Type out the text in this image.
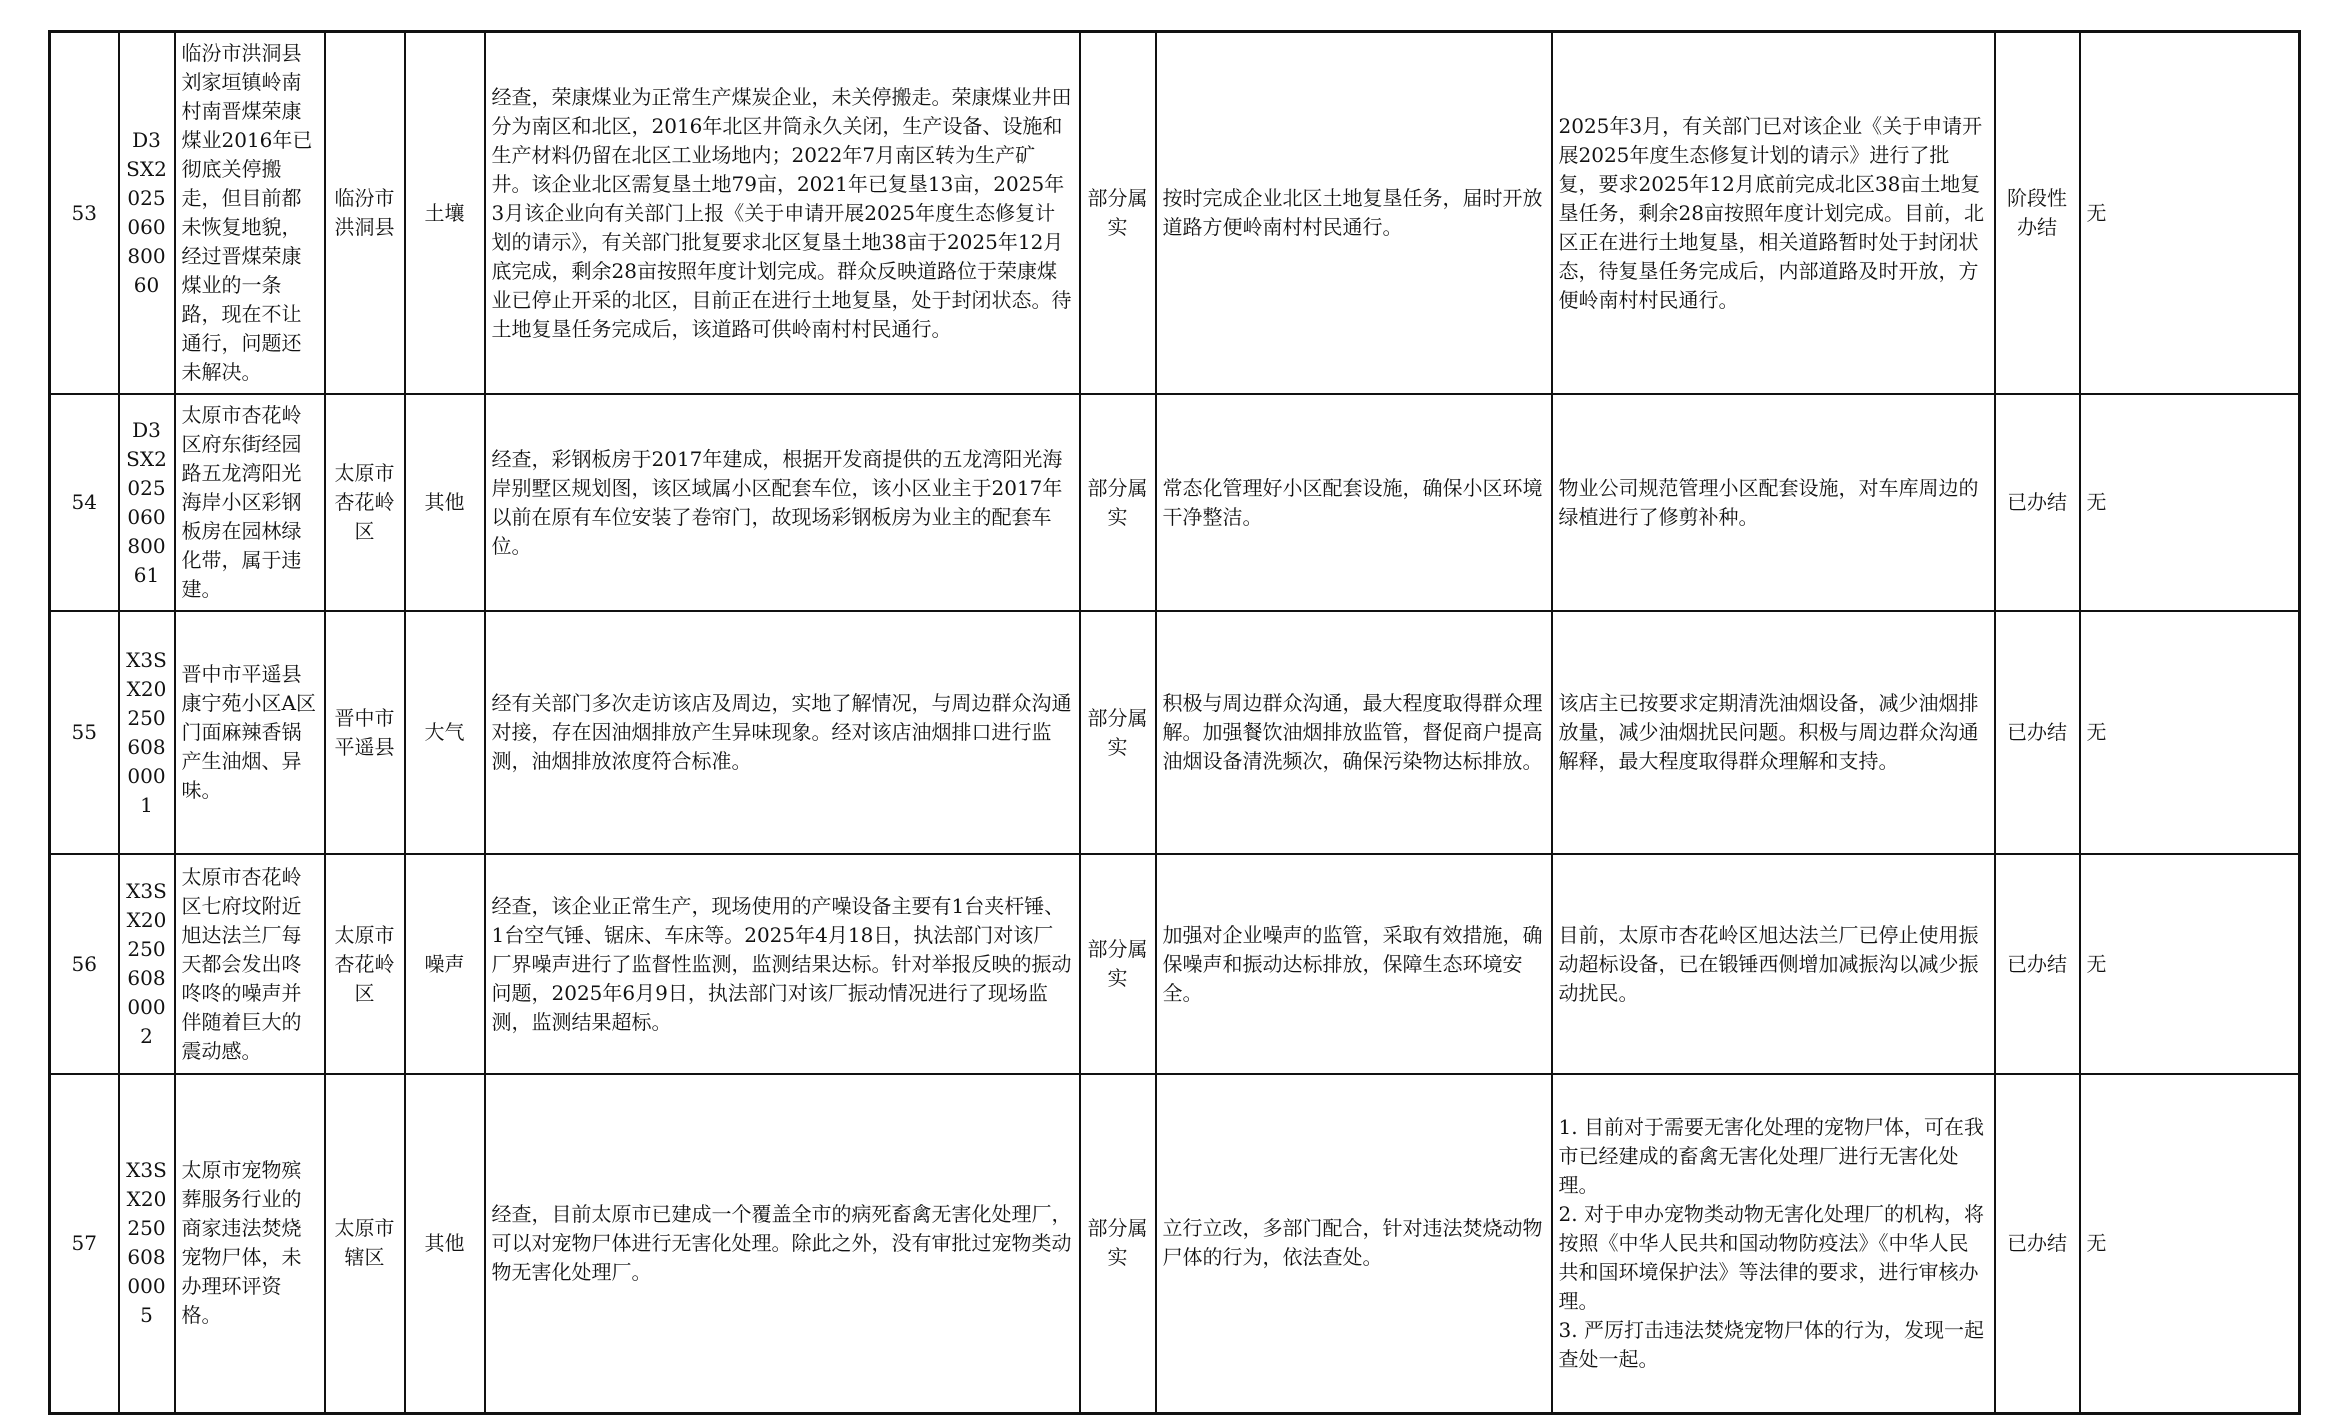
53	D3SX202506080060	临汾市洪洞县刘家垣镇岭南村南晋煤荣康煤业2016年已彻底关停搬走，但目前都未恢复地貌，经过晋煤荣康煤业的一条路，现在不让通行，问题还未解决。	临汾市洪洞县	土壤	经查，荣康煤业为正常生产煤炭企业，未关停搬走。荣康煤业井田分为南区和北区，2016年北区井筒永久关闭，生产设备、设施和生产材料仍留在北区工业场地内；2022年7月南区转为生产矿井。该企业北区需复垦土地79亩，2021年已复垦13亩，2025年3月该企业向有关部门上报《关于申请开展2025年度生态修复计划的请示》，有关部门批复要求北区复垦土地38亩于2025年12月底完成，剩余28亩按照年度计划完成。群众反映道路位于荣康煤业已停止开采的北区，目前正在进行土地复垦，处于封闭状态。待土地复垦任务完成后，该道路可供岭南村村民通行。	部分属实	按时完成企业北区土地复垦任务，届时开放道路方便岭南村村民通行。	2025年3月，有关部门已对该企业《关于申请开展2025年度生态修复计划的请示》进行了批复，要求2025年12月底前完成北区38亩土地复垦任务，剩余28亩按照年度计划完成。目前，北区正在进行土地复垦，相关道路暂时处于封闭状态，待复垦任务完成后，内部道路及时开放，方便岭南村村民通行。	阶段性办结	无
54	D3SX202506080061	太原市杏花岭区府东街经园路五龙湾阳光海岸小区彩钢板房在园林绿化带，属于违建。	太原市杏花岭区	其他	经查，彩钢板房于2017年建成，根据开发商提供的五龙湾阳光海岸别墅区规划图，该区域属小区配套车位，该小区业主于2017年以前在原有车位安装了卷帘门，故现场彩钢板房为业主的配套车位。	部分属实	常态化管理好小区配套设施，确保小区环境干净整洁。	物业公司规范管理小区配套设施，对车库周边的绿植进行了修剪补种。	已办结	无
55	X3SX20250608000​1	晋中市平遥县康宁苑小区A区门面麻辣香锅产生油烟、异味。	晋中市平遥县	大气	经有关部门多次走访该店及周边，实地了解情况，与周边群众沟通对接，存在因油烟排放产生异味现象。经对该店油烟排口进行监测，油烟排放浓度符合标准。	部分属实	积极与周边群众沟通，最大程度取得群众理解。加强餐饮油烟排放监管，督促商户提高油烟设备清洗频次，确保污染物达标排放。	该店主已按要求定期清洗油烟设备，减少油烟排放量，减少油烟扰民问题。积极与周边群众沟通解释，最大程度取得群众理解和支持。	已办结	无
56	X3SX20250608000​2	太原市杏花岭区七府坟附近旭达法兰厂每天都会发出咚咚咚的噪声并伴随着巨大的震动感。	太原市杏花岭区	噪声	经查，该企业正常生产，现场使用的产噪设备主要有1台夹杆锤、1台空气锤、锯床、车床等。2025年4月18日，执法部门对该厂厂界噪声进行了监督性监测，监测结果达标。针对举报反映的振动问题，2025年6月9日，执法部门对该厂振动情况进行了现场监测，监测结果超标。	部分属实	加强对企业噪声的监管，采取有效措施，确保噪声和振动达标排放，保障生态环境安全。	目前，太原市杏花岭区旭达法兰厂已停止使用振动超标设备，已在锻锤西侧增加减振沟以减少振动扰民。	已办结	无
57	X3SX20250608000​5	太原市宠物殡葬服务行业的商家违法焚烧宠物尸体，未办理环评资格。	太原市辖区	其他	经查，目前太原市已建成一个覆盖全市的病死畜禽无害化处理厂，可以对宠物尸体进行无害化处理。除此之外，没有审批过宠物类动物无害化处理厂。	部分属实	立行立改，多部门配合，针对违法焚烧动物尸体的行为，依法查处。	1. 目前对于需要无害化处理的宠物尸体，可在我市已经建成的畜禽无害化处理厂进行无害化处理。
2. 对于申办宠物类动物无害化处理厂的机构，将按照《中华人民共和国动物防疫法》《中华人民共和国环境保护法》等法律的要求，进行审核办理。
3. 严厉打击违法焚烧宠物尸体的行为，发现一起查处一起。	已办结	无
